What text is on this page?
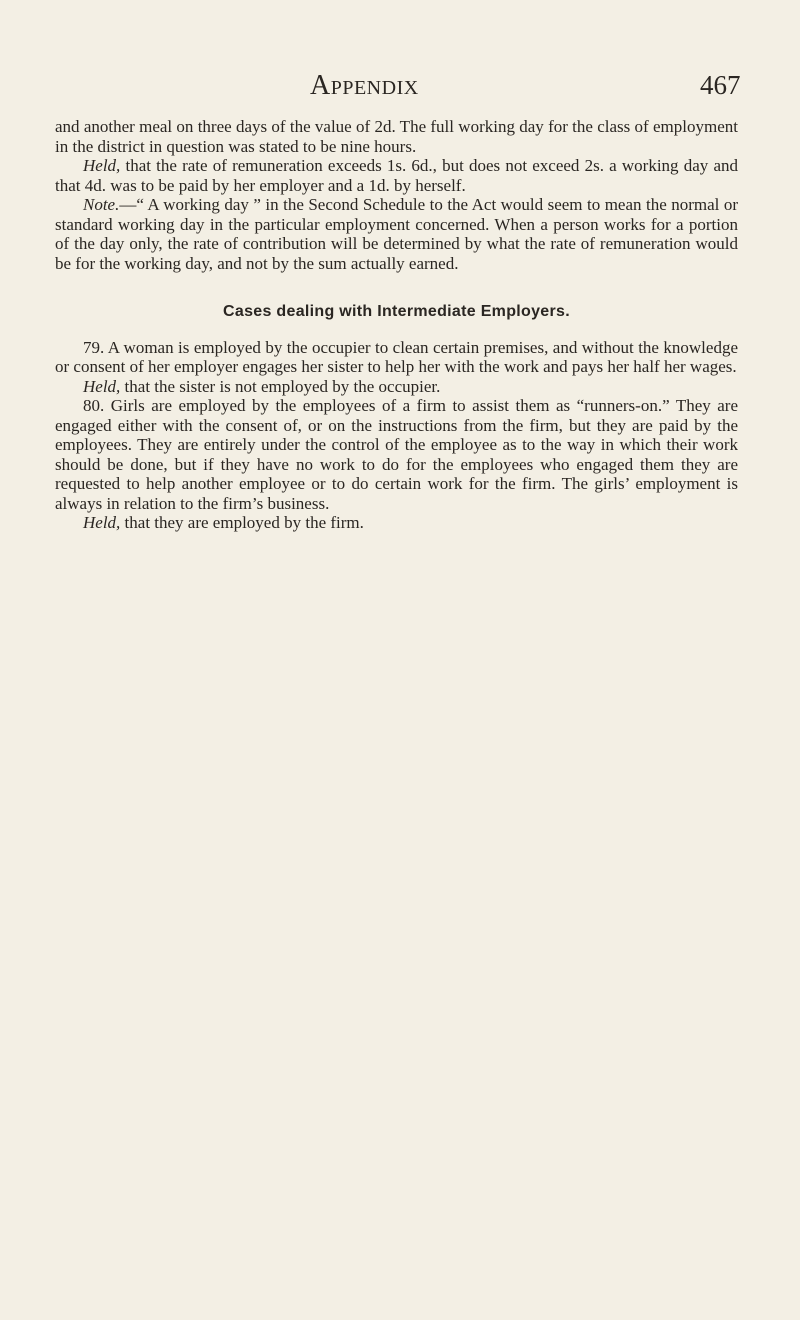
Appendix	467

and another meal on three days of the value of 2d. The full working day for the class of employment in the district in question was stated to be nine hours.

Held, that the rate of remuneration exceeds 1s. 6d., but does not exceed 2s. a working day and that 4d. was to be paid by her employer and a 1d. by herself.

Note.—“ A working day ” in the Second Schedule to the Act would seem to mean the normal or standard working day in the particular employment concerned. When a person works for a portion of the day only, the rate of contribution will be determined by what the rate of remuneration would be for the working day, and not by the sum actually earned.

Cases dealing with Intermediate Employers.

79. A woman is employed by the occupier to clean certain premises, and without the knowledge or consent of her employer engages her sister to help her with the work and pays her half her wages.

Held, that the sister is not employed by the occupier.

80. Girls are employed by the employees of a firm to assist them as “runners-on.” They are engaged either with the consent of, or on the instructions from the firm, but they are paid by the employees. They are entirely under the control of the employee as to the way in which their work should be done, but if they have no work to do for the employees who engaged them they are requested to help another employee or to do certain work for the firm. The girls’ employment is always in relation to the firm’s business.

Held, that they are employed by the firm.
